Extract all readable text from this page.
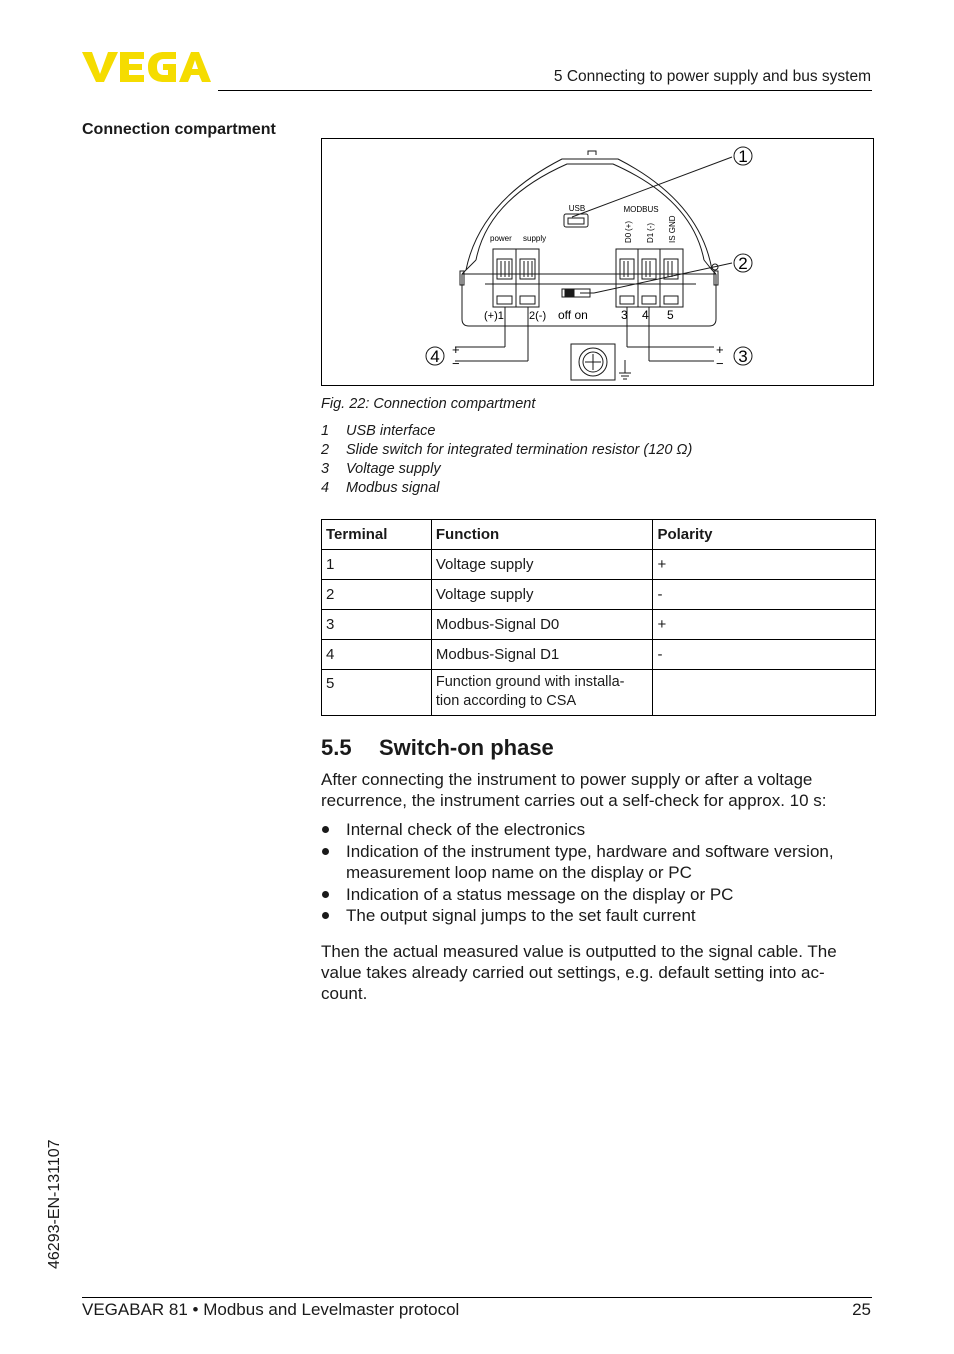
5 Connecting to power supply and bus system
Connection compartment
USB	MODBUS
power supply	D0
(+)
D1
(-) IS GND
(+)1 2(-) off on	3 4 5
+
−
+
−
1
2
3
4
Fig. 22: Connection compartment
1 USB interface
2 Slide switch for integrated termination resistor (120 Ω)
3 Voltage supply
4 Modbus signal
Terminal	Function	Polarity
1	Voltage supply	+
2	Voltage supply	-
3	Modbus-Signal D0	+
4	Modbus-Signal D1	-
5	Function ground with installa-
tion according to CSA	
5.5 Switch-on phase
After connecting the instrument to power supply or after a voltage
recurrence, the instrument carries out a self-check for approx. 10 s:
Internal check of the electronics
Indication of the instrument type, hardware and software version,
measurement loop name on the display or PC
Indication of a status message on the display or PC
The output signal jumps to the set fault current
Then the actual measured value is outputted to the signal cable. The
value takes already carried out settings, e.g. default setting into ac-
count.
46293-EN-131107
VEGABAR 81 • Modbus and Levelmaster protocol	25
